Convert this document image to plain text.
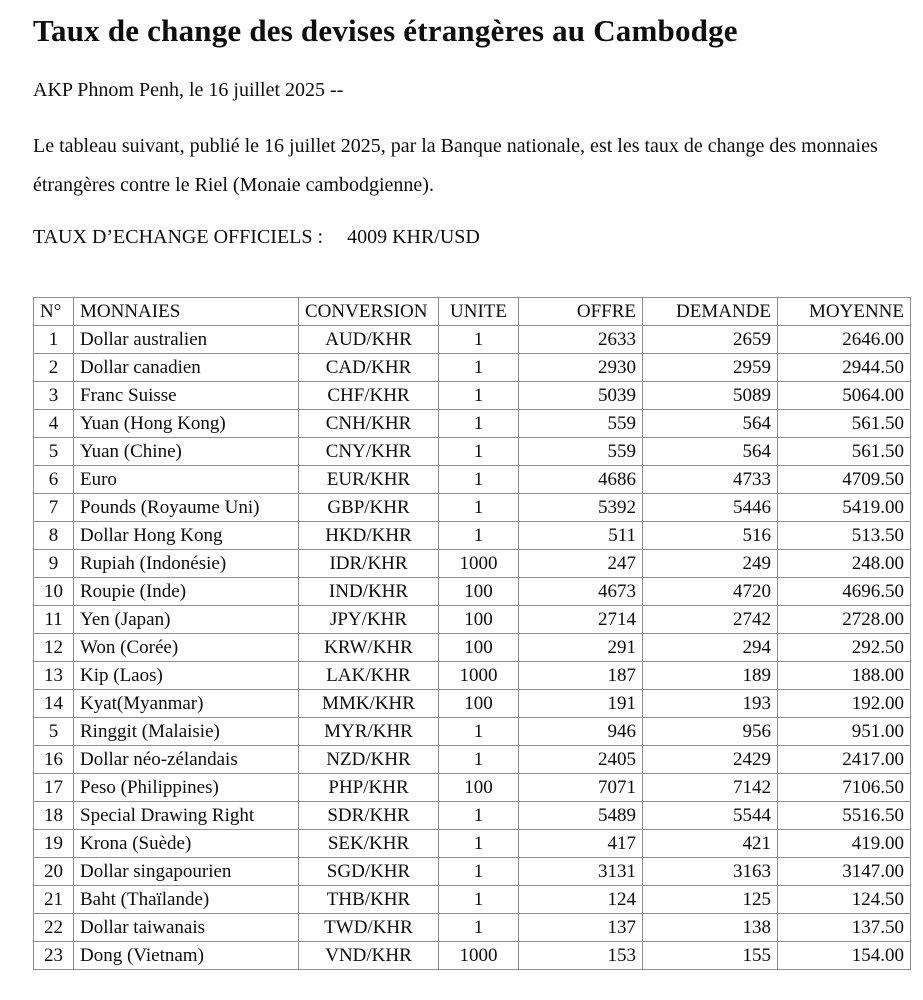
Taux de change des devises étrangères au Cambodge

AKP Phnom Penh, le 16 juillet 2025 --

Le tableau suivant, publié le 16 juillet 2025, par la Banque nationale, est les taux de change des monnaies étrangères contre le Riel (Monaie cambodgienne).

TAUX D’ECHANGE OFFICIELS : 4009 KHR/USD

N°	MONNAIES	CONVERSION	UNITE	OFFRE	DEMANDE	MOYENNE
1	Dollar australien	AUD/KHR	1	2633	2659	2646.00
2	Dollar canadien	CAD/KHR	1	2930	2959	2944.50
3	Franc Suisse	CHF/KHR	1	5039	5089	5064.00
4	Yuan (Hong Kong)	CNH/KHR	1	559	564	561.50
5	Yuan (Chine)	CNY/KHR	1	559	564	561.50
6	Euro	EUR/KHR	1	4686	4733	4709.50
7	Pounds (Royaume Uni)	GBP/KHR	1	5392	5446	5419.00
8	Dollar Hong Kong	HKD/KHR	1	511	516	513.50
9	Rupiah (Indonésie)	IDR/KHR	1000	247	249	248.00
10	Roupie (Inde)	IND/KHR	100	4673	4720	4696.50
11	Yen (Japan)	JPY/KHR	100	2714	2742	2728.00
12	Won (Corée)	KRW/KHR	100	291	294	292.50
13	Kip (Laos)	LAK/KHR	1000	187	189	188.00
14	Kyat(Myanmar)	MMK/KHR	100	191	193	192.00
5	Ringgit (Malaisie)	MYR/KHR	1	946	956	951.00
16	Dollar néo-zélandais	NZD/KHR	1	2405	2429	2417.00
17	Peso (Philippines)	PHP/KHR	100	7071	7142	7106.50
18	Special Drawing Right	SDR/KHR	1	5489	5544	5516.50
19	Krona (Suède)	SEK/KHR	1	417	421	419.00
20	Dollar singapourien	SGD/KHR	1	3131	3163	3147.00
21	Baht (Thaïlande)	THB/KHR	1	124	125	124.50
22	Dollar taiwanais	TWD/KHR	1	137	138	137.50
23	Dong (Vietnam)	VND/KHR	1000	153	155	154.00
